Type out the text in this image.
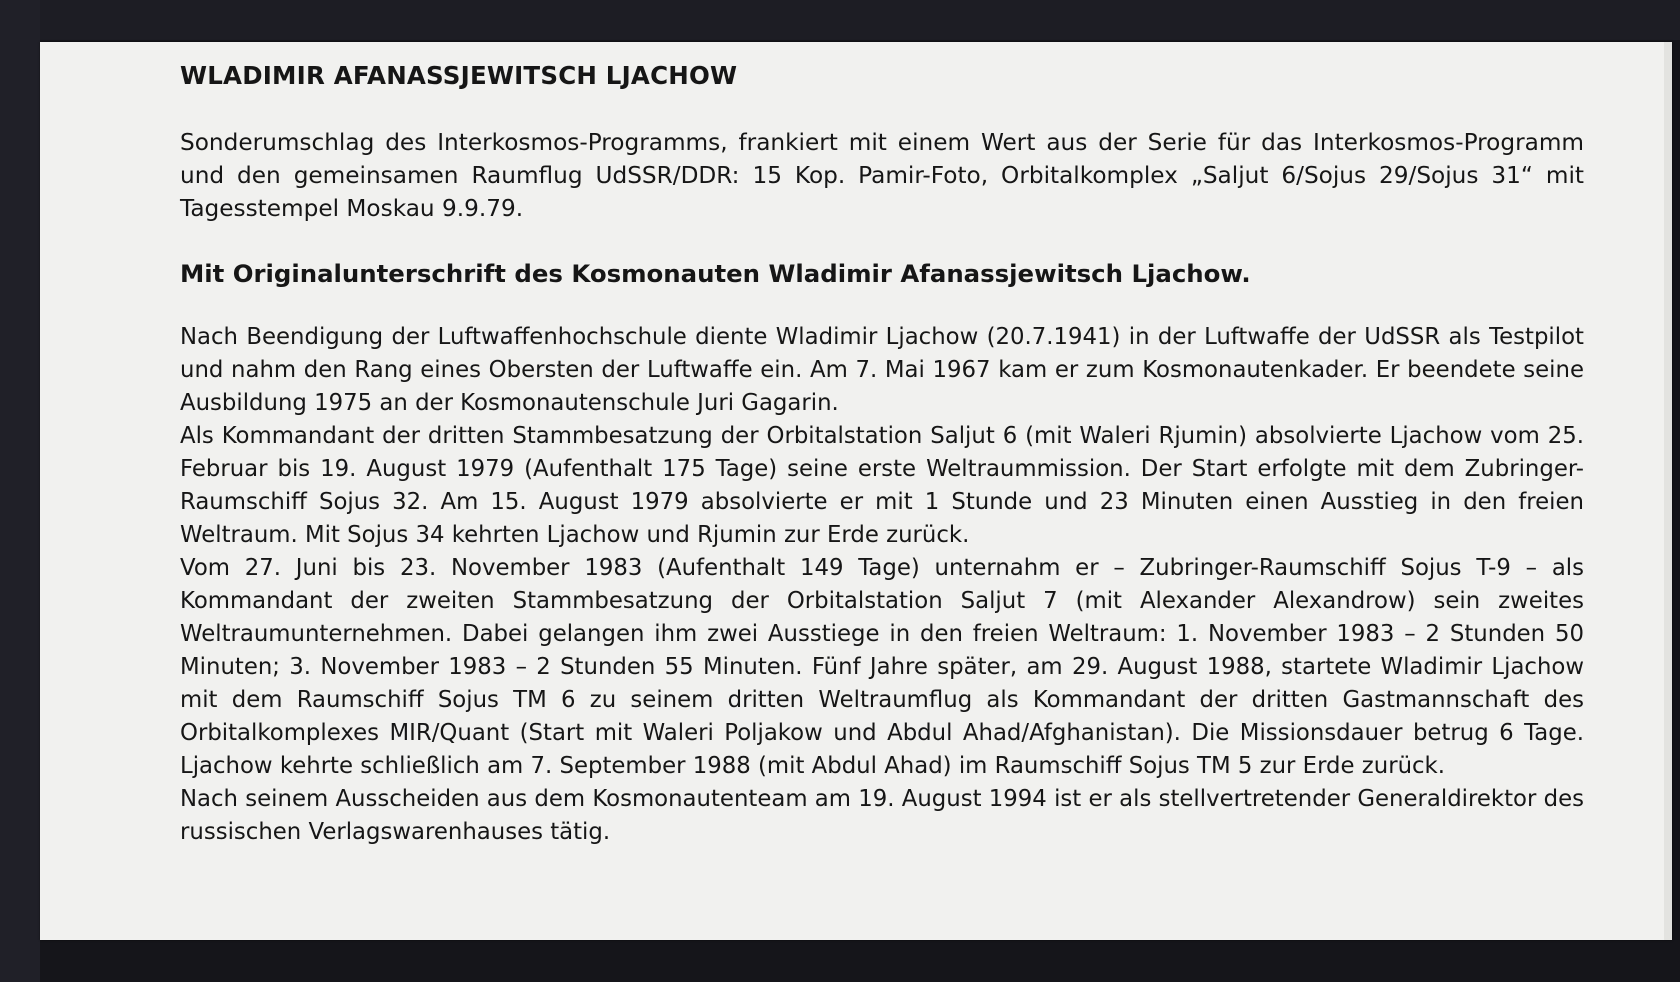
WLADIMIR AFANASSJEWITSCH LJACHOW

Sonderumschlag des Interkosmos-Programms, frankiert mit einem Wert aus der Serie für das Interkosmos-Programm und den gemeinsamen Raumflug UdSSR/DDR: 15 Kop. Pamir-Foto, Orbitalkomplex „Saljut 6/Sojus 29/Sojus 31“ mit Tagesstempel Moskau 9.9.79.

Mit Originalunterschrift des Kosmonauten Wladimir Afanassjewitsch Ljachow.

Nach Beendigung der Luftwaffenhochschule diente Wladimir Ljachow (20.7.1941) in der Luftwaffe der UdSSR als Testpilot und nahm den Rang eines Obersten der Luftwaffe ein. Am 7. Mai 1967 kam er zum Kosmonautenkader. Er beendete seine Ausbildung 1975 an der Kosmonautenschule Juri Gagarin.

Als Kommandant der dritten Stammbesatzung der Orbitalstation Saljut 6 (mit Waleri Rjumin) absolvierte Ljachow vom 25. Februar bis 19. August 1979 (Aufenthalt 175 Tage) seine erste Weltraummission. Der Start erfolgte mit dem Zubringer-Raumschiff Sojus 32. Am 15. August 1979 absolvierte er mit 1 Stunde und 23 Minuten einen Ausstieg in den freien Weltraum. Mit Sojus 34 kehrten Ljachow und Rjumin zur Erde zurück.

Vom 27. Juni bis 23. November 1983 (Aufenthalt 149 Tage) unternahm er – Zubringer-Raumschiff Sojus T-9 – als Kommandant der zweiten Stammbesatzung der Orbitalstation Saljut 7 (mit Alexander Alexandrow) sein zweites Weltraumunternehmen. Dabei gelangen ihm zwei Ausstiege in den freien Weltraum: 1. November 1983 – 2 Stunden 50 Minuten; 3. November 1983 – 2 Stunden 55 Minuten. Fünf Jahre später, am 29. August 1988, startete Wladimir Ljachow mit dem Raumschiff Sojus TM 6 zu seinem dritten Weltraumflug als Kommandant der dritten Gastmannschaft des Orbitalkomplexes MIR/Quant (Start mit Waleri Poljakow und Abdul Ahad/Afghanistan). Die Missionsdauer betrug 6 Tage. Ljachow kehrte schließlich am 7. September 1988 (mit Abdul Ahad) im Raumschiff Sojus TM 5 zur Erde zurück.

Nach seinem Ausscheiden aus dem Kosmonautenteam am 19. August 1994 ist er als stellvertretender Generaldirektor des russischen Verlagswarenhauses tätig.
